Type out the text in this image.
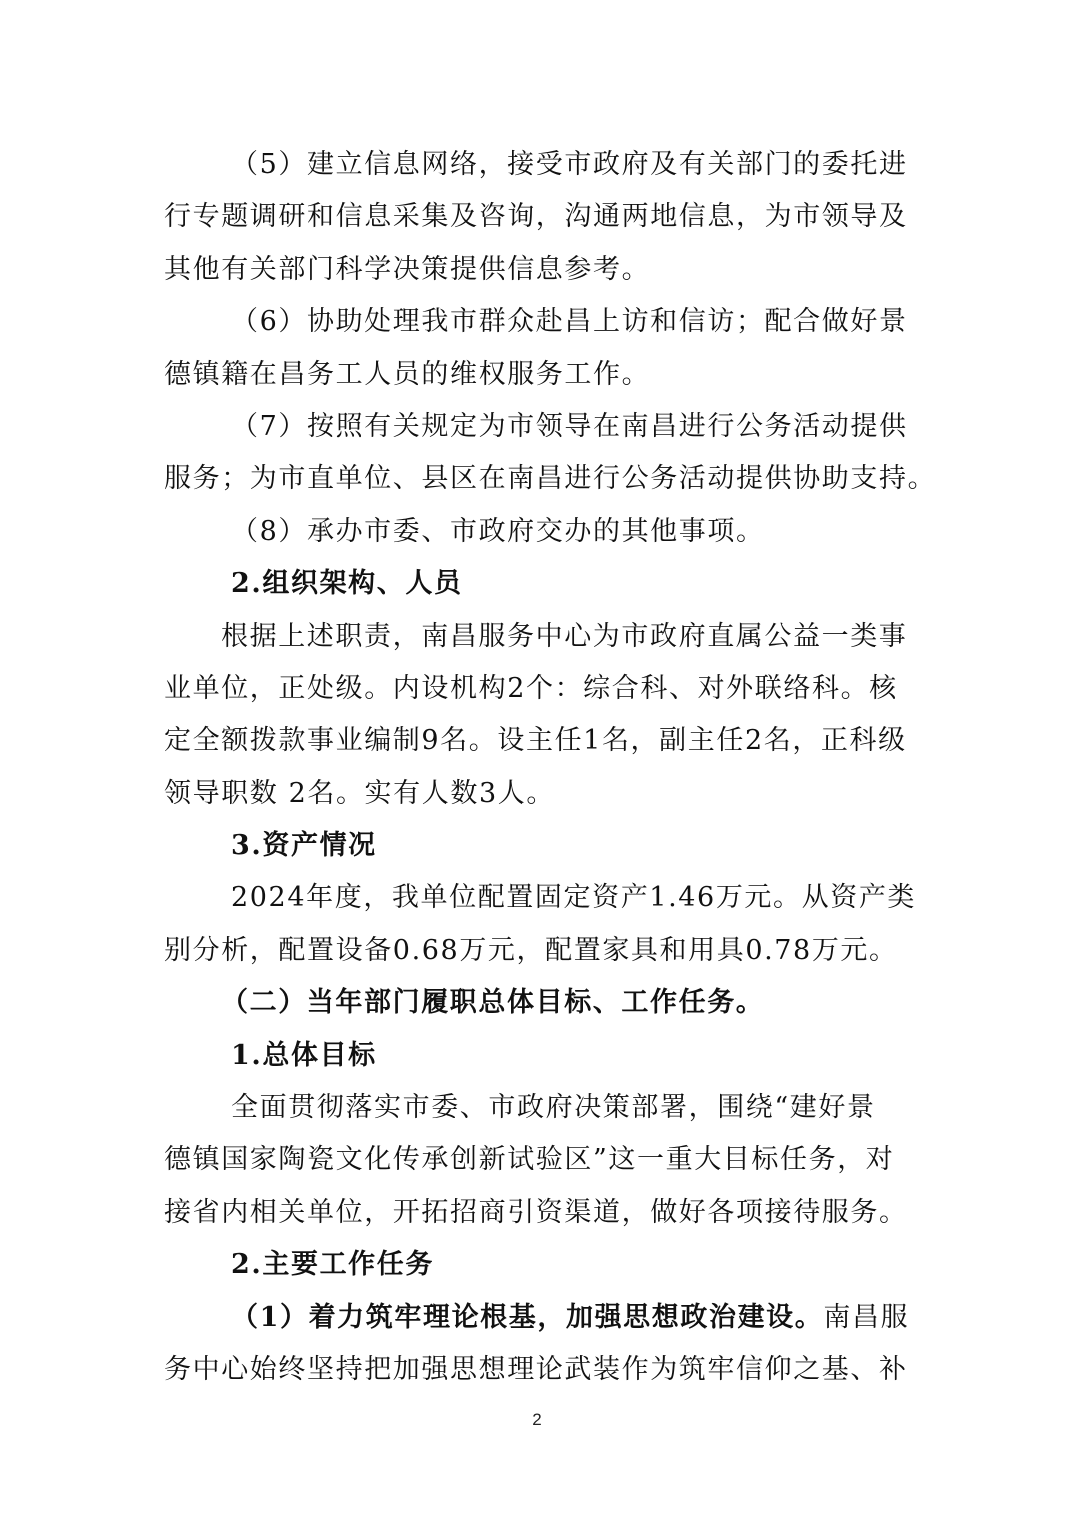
（5）建立信息网络，接受市政府及有关部门的委托进
行专题调研和信息采集及咨询，沟通两地信息，为市领导及
其他有关部门科学决策提供信息参考。
（6）协助处理我市群众赴昌上访和信访；配合做好景
德镇籍在昌务工人员的维权服务工作。
（7）按照有关规定为市领导在南昌进行公务活动提供
服务；为市直单位、县区在南昌进行公务活动提供协助支持。
（8）承办市委、市政府交办的其他事项。
2.组织架构、人员
根据上述职责，南昌服务中心为市政府直属公益一类事
业单位，正处级。内设机构2个：综合科、对外联络科。核
定全额拨款事业编制9名。设主任1名，副主任2名，正科级
领导职数 2名。实有人数3人。
3.资产情况
2024年度，我单位配置固定资产1.46万元。从资产类
别分析，配置设备0.68万元，配置家具和用具0.78万元。
（二）当年部门履职总体目标、工作任务。
1.总体目标
全面贯彻落实市委、市政府决策部署，围绕“建好景
德镇国家陶瓷文化传承创新试验区”这一重大目标任务，对
接省内相关单位，开拓招商引资渠道，做好各项接待服务。
2.主要工作任务
（1）着力筑牢理论根基，加强思想政治建设。南昌服
务中心始终坚持把加强思想理论武装作为筑牢信仰之基、补
2
